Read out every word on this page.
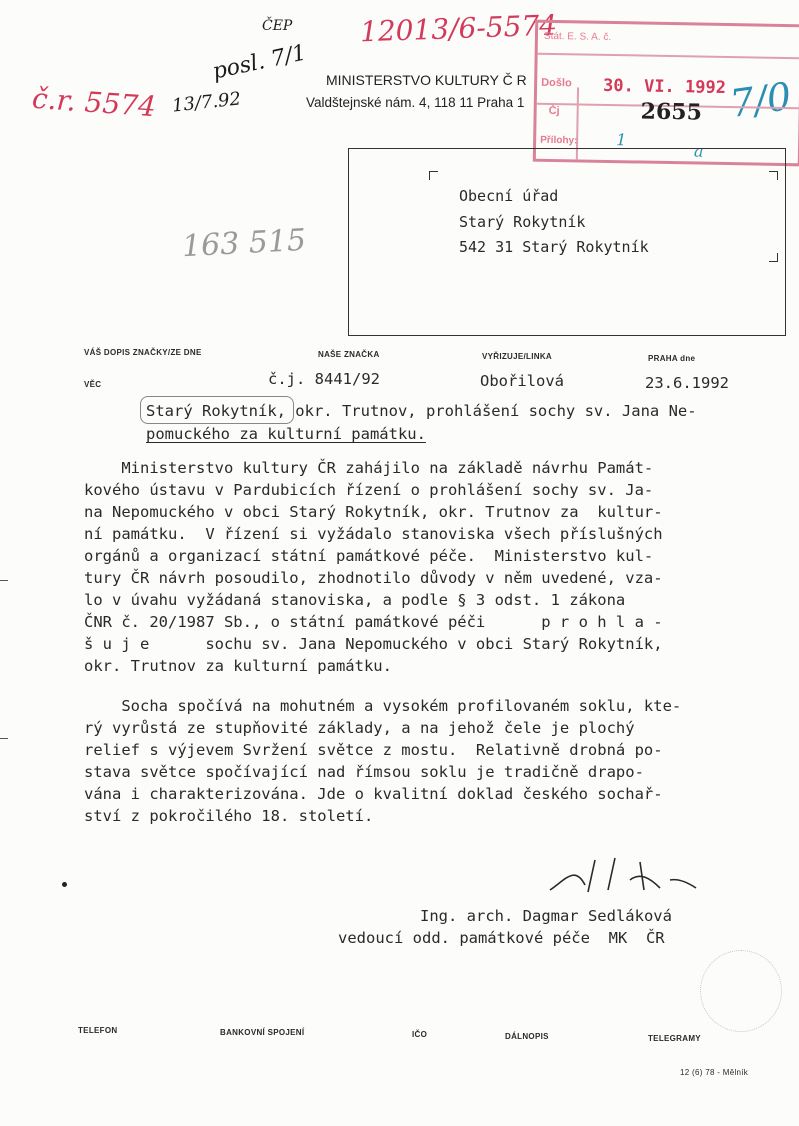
12013/6-5574
ČEP
posl. 7/1
13/7.92
č.r. 5574
163 515
7/0
MINISTERSTVO KULTURY Č R
Valdštejnské nám. 4, 118 11 Praha 1
Stát. E. S. A. č.
Došlo 30. VI. 1992
Čj	2655
Přílohy: 1
a
Obecní úřad
Starý Rokytník
542 31 Starý Rokytník
VÁŠ DOPIS ZNAČKY/ZE DNE	NAŠE ZNAČKA	VYŘIZUJE/LINKA	PRAHA dne
VĚC	č.j. 8441/92	Obořilová	23.6.1992
Starý Rokytník, okr. Trutnov, prohlášení sochy sv. Jana Ne-
pomuckého za kulturní památku.
Ministerstvo kultury ČR zahájilo na základě návrhu Památ-
kového ústavu v Pardubicích řízení o prohlášení sochy sv. Ja-
na Nepomuckého v obci Starý Rokytník, okr. Trutnov za  kultur-
ní památku.  V řízení si vyžádalo stanoviska všech příslušných
orgánů a organizací státní památkové péče.  Ministerstvo kul-
tury ČR návrh posoudilo, zhodnotilo důvody v něm uvedené, vza-
lo v úvahu vyžádaná stanoviska, a podle § 3 odst. 1 zákona
ČNR č. 20/1987 Sb., o státní památkové péči      p r o h l a -
š u j e      sochu sv. Jana Nepomuckého v obci Starý Rokytník,
okr. Trutnov za kulturní památku.
Socha spočívá na mohutném a vysokém profilovaném soklu, kte-
rý vyrůstá ze stupňovité základy, a na jehož čele je plochý
relief s výjevem Svržení světce z mostu.  Relativně drobná po-
stava světce spočívající nad římsou soklu je tradičně drapo-
vána i charakterizována. Jde o kvalitní doklad českého sochař-
ství z pokročilého 18. století.
Ing. arch. Dagmar Sedláková
vedoucí odd. památkové péče  MK  ČR
TELEFON	BANKOVNÍ SPOJENÍ	IČO	DÁLNOPIS	TELEGRAMY
12 (6) 78 - Mělník
